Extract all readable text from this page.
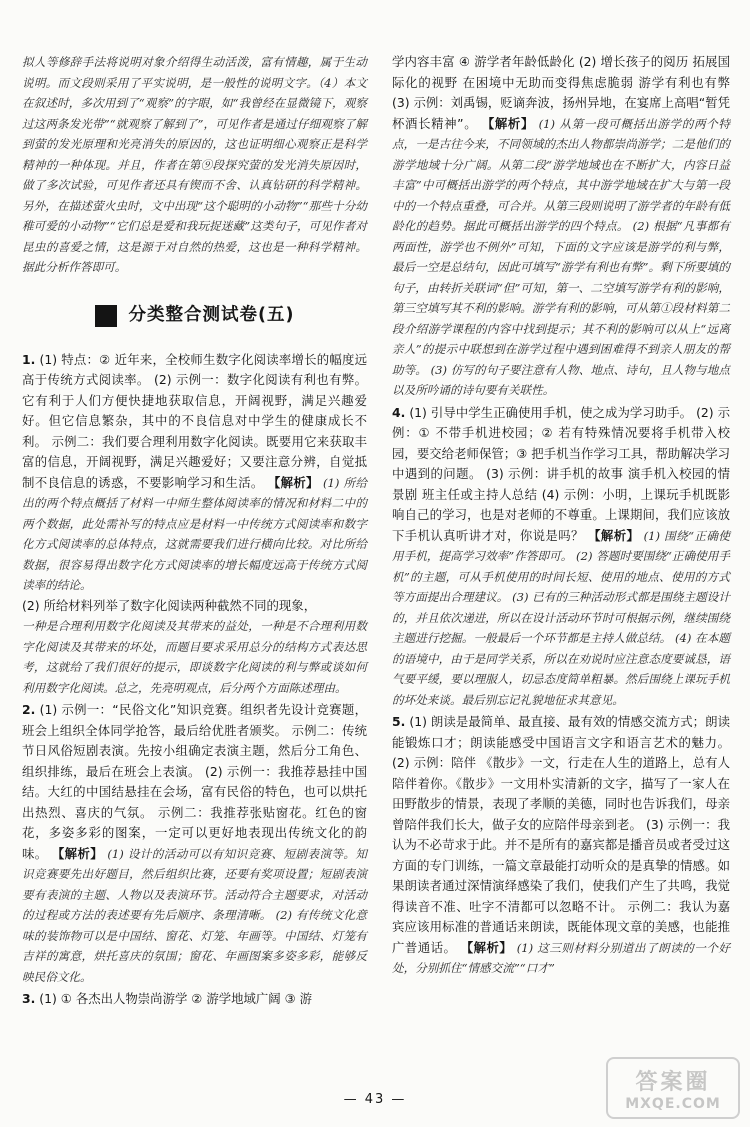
拟人等修辞手法将说明对象介绍得生动活泼，富有情趣，属于生动说明。而文段则采用了平实说明，是一般性的说明文字。（4）本文在叙述时，多次用到了“观察”的字眼，如“我曾经在显微镜下，观察过这两条发光带”“就观察了解到了”，可见作者是通过仔细观察了解到萤的发光原理和光亮消失的原因的，这也证明细心观察正是科学精神的一种体现。并且，作者在第⑨段探究萤的发光消失原因时，做了多次试验，可见作者还具有锲而不舍、认真钻研的科学精神。另外，在描述萤火虫时，文中出现“这个聪明的小动物”“那些十分幼稚可爱的小动物”“它们总是爱和我玩捉迷藏”这类句子，可见作者对昆虫的喜爱之情，这是源于对自然的热爱，这也是一种科学精神。据此分析作答即可。

分类整合测试卷(五)
1. (1) 特点：② 近年来，全校师生数字化阅读率增长的幅度远高于传统方式阅读率。 (2) 示例一：数字化阅读有利也有弊。它有利于人们方便快捷地获取信息，开阔视野，满足兴趣爱好。但它信息繁杂，其中的不良信息对中学生的健康成长不利。 示例二：我们要合理利用数字化阅读。既要用它来获取丰富的信息，开阔视野，满足兴趣爱好；又要注意分辨，自觉抵制不良信息的诱惑，不要影响学习和生活。 【解析】 (1) 所给出的两个特点概括了材料一中师生整体阅读率的情况和材料二中的两个数据，此处需补写的特点应是材料一中传统方式阅读率和数字化方式阅读率的总体特点，这就需要我们进行横向比较。对比所给数据，很容易得出数字化方式阅读率的增长幅度远高于传统方式阅读率的结论。
(2) 所给材料列举了数字化阅读两种截然不同的现象，
一种是合理利用数字化阅读及其带来的益处，一种是不合理利用数字化阅读及其带来的坏处，而题目要求采用总分的结构方式表达思考，这就给了我们很好的提示，即谈数字化阅读的利与弊或谈如何利用数字化阅读。总之，先亮明观点，后分两个方面陈述理由。
2. (1) 示例一：“民俗文化”知识竞赛。组织者先设计竞赛题，班会上组织全体同学抢答，最后给优胜者颁奖。 示例二：传统节日风俗短剧表演。先按小组确定表演主题，然后分工角色、组织排练，最后在班会上表演。 (2) 示例一：我推荐悬挂中国结。大红的中国结悬挂在会场，富有民俗的特色，也可以烘托出热烈、喜庆的气氛。 示例二：我推荐张贴窗花。红色的窗花，多姿多彩的图案，一定可以更好地表现出传统文化的韵味。 【解析】 (1) 设计的活动可以有知识竞赛、短剧表演等。知识竞赛要先出好题目，然后组织比赛，还要有奖项设置；短剧表演要有表演的主题、人物以及表演环节。活动符合主题要求，对活动的过程或方法的表述要有先后顺序、条理清晰。 (2) 有传统文化意味的装饰物可以是中国结、窗花、灯笼、年画等。中国结、灯笼有吉祥的寓意，烘托喜庆的氛围；窗花、年画图案多姿多彩，能够反映民俗文化。
3. (1) ① 各杰出人物崇尚游学 ② 游学地域广阔 ③ 游
学内容丰富 ④ 游学者年龄低龄化 (2) 增长孩子的阅历 拓展国际化的视野 在困境中无助而变得焦虑脆弱 游学有利也有弊 (3) 示例：刘禹锡，贬谪奔波，扬州异地，在宴席上高唱“暂凭杯酒长精神”。 【解析】 (1) 从第一段可概括出游学的两个特点，一是古往今来，不同领域的杰出人物都崇尚游学；二是他们的游学地域十分广阔。从第二段“游学地域也在不断扩大，内容日益丰富”中可概括出游学的两个特点，其中游学地域在扩大与第一段中的一个特点重叠，可合并。从第三段则说明了游学者的年龄有低龄化的趋势。据此可概括出游学的四个特点。 (2) 根据“凡事都有两面性，游学也不例外”可知，下面的文字应该是游学的利与弊，最后一空是总结句，因此可填写“游学有利也有弊”。剩下所要填的句子，由转折关联词“但”可知，第一、二空填写游学有利的影响，第三空填写其不利的影响。游学有利的影响，可从第①段材料第二段介绍游学课程的内容中找到提示；其不利的影响可以从上“远离亲人”的提示中联想到在游学过程中遇到困难得不到亲人朋友的帮助等。 (3) 仿写的句子要注意有人物、地点、诗句，且人物与地点以及所吟诵的诗句要有关联性。
4. (1) 引导中学生正确使用手机，使之成为学习助手。 (2) 示例：① 不带手机进校园；② 若有特殊情况要将手机带入校园，要交给老师保管；③ 把手机当作学习工具，帮助解决学习中遇到的问题。 (3) 示例：讲手机的故事 演手机入校园的情景剧 班主任或主持人总结 (4) 示例：小明，上课玩手机既影响自己的学习，也是对老师的不尊重。上课期间，我们应该放下手机认真听讲才对，你说是吗？ 【解析】 (1) 围绕“正确使用手机，提高学习效率”作答即可。 (2) 答题时要围绕“正确使用手机”的主题，可从手机使用的时间长短、使用的地点、使用的方式等方面提出合理建议。 (3) 已有的三种活动形式都是围绕主题设计的，并且依次递进，所以在设计活动环节时可根据示例，继续围绕主题进行挖掘。一般最后一个环节都是主持人做总结。 (4) 在本题的语境中，由于是同学关系，所以在劝说时应注意态度要诚恳，语气要平缓，要以理服人，切忌态度简单粗暴。然后围绕上课玩手机的坏处来谈。最后别忘记礼貌地征求其意见。
5. (1) 朗读是最简单、最直接、最有效的情感交流方式；朗读能锻炼口才；朗读能感受中国语言文字和语言艺术的魅力。 (2) 示例：陪伴 《散步》一文，行走在人生的道路上，总有人陪伴着你。《散步》一文用朴实清新的文字，描写了一家人在田野散步的情景，表现了孝顺的美德，同时也告诉我们，母亲曾陪伴我们长大，做子女的应陪伴母亲到老。 (3) 示例一：我认为不必苛求于此。并不是所有的嘉宾都是播音员或者受过这方面的专门训练，一篇文章最能打动听众的是真挚的情感。如果朗读者通过深情演绎感染了我们，使我们产生了共鸣，我觉得读音不准、吐字不清都可以忽略不计。 示例二：我认为嘉宾应该用标准的普通话来朗读，既能体现文章的美感，也能推广普通话。 【解析】 (1) 这三则材料分别道出了朗读的一个好处，分别抓住“情感交流”“口才”
— 43 —
答案圈
MXQE.COM
